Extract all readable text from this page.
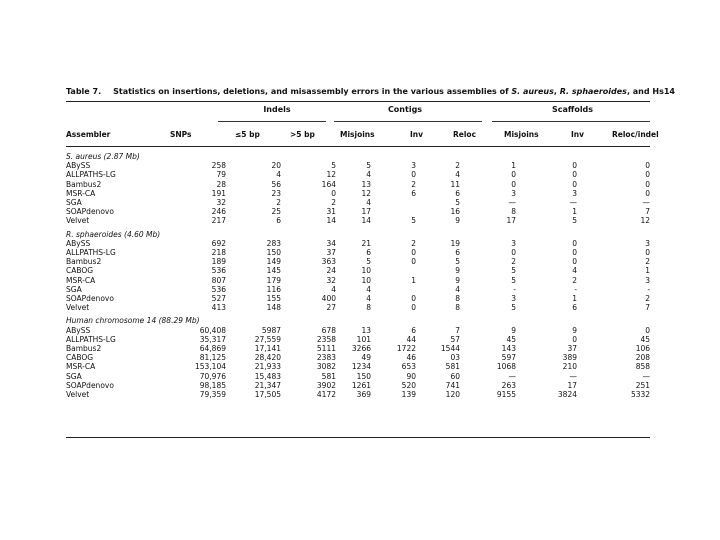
Table 7. Statistics on insertions, deletions, and misassembly errors in the various assemblies of S. aureus, R. sphaeroides, and Hs14
Indels	Contigs	Scaffolds
Assembler	SNPs	≤5 bp	>5 bp	Misjoins	Inv	Reloc	Misjoins	Inv	Reloc/indel
S. aureus (2.87 Mb)									
ABySS	258	20	5	5	3	2	1	0	0
ALLPATHS-LG	79	4	12	4	0	4	0	0	0
Bambus2	28	56	164	13	2	11	0	0	0
MSR-CA	191	23	0	12	6	6	3	3	0
SGA	32	2	2	4		5	—	—	—
SOAPdenovo	246	25	31	17		16	8	1	7
Velvet	217	6	14	14	5	9	17	5	12

R. sphaeroides (4.60 Mb)									
ABySS	692	283	34	21	2	19	3	0	3
ALLPATHS-LG	218	150	37	6	0	6	0	0	0
Bambus2	189	149	363	5	0	5	2	0	2
CABOG	536	145	24	10		9	5	4	1
MSR-CA	807	179	32	10	1	9	5	2	3
SGA	536	116	4	4		4	-	-	-
SOAPdenovo	527	155	400	4	0	8	3	1	2
Velvet	413	148	27	8	0	8	5	6	7

Human chromosome 14 (88.29 Mb)									
ABySS	60,408	5987	678	13	6	7	9	9	0
ALLPATHS-LG	35,317	27,559	2358	101	44	57	45	0	45
Bambus2	64,869	17,141	5111	3266	1722	1544	143	37	106
CABOG	81,125	28,420	2383	49	46	03	597	389	208
MSR-CA	153,104	21,933	3082	1234	653	581	1068	210	858
SGA	70,976	15,483	581	150	90	60	—	—	—
SOAPdenovo	98,185	21,347	3902	1261	520	741	263	17	251
Velvet	79,359	17,505	4172	369	139	120	9155	3824	5332
